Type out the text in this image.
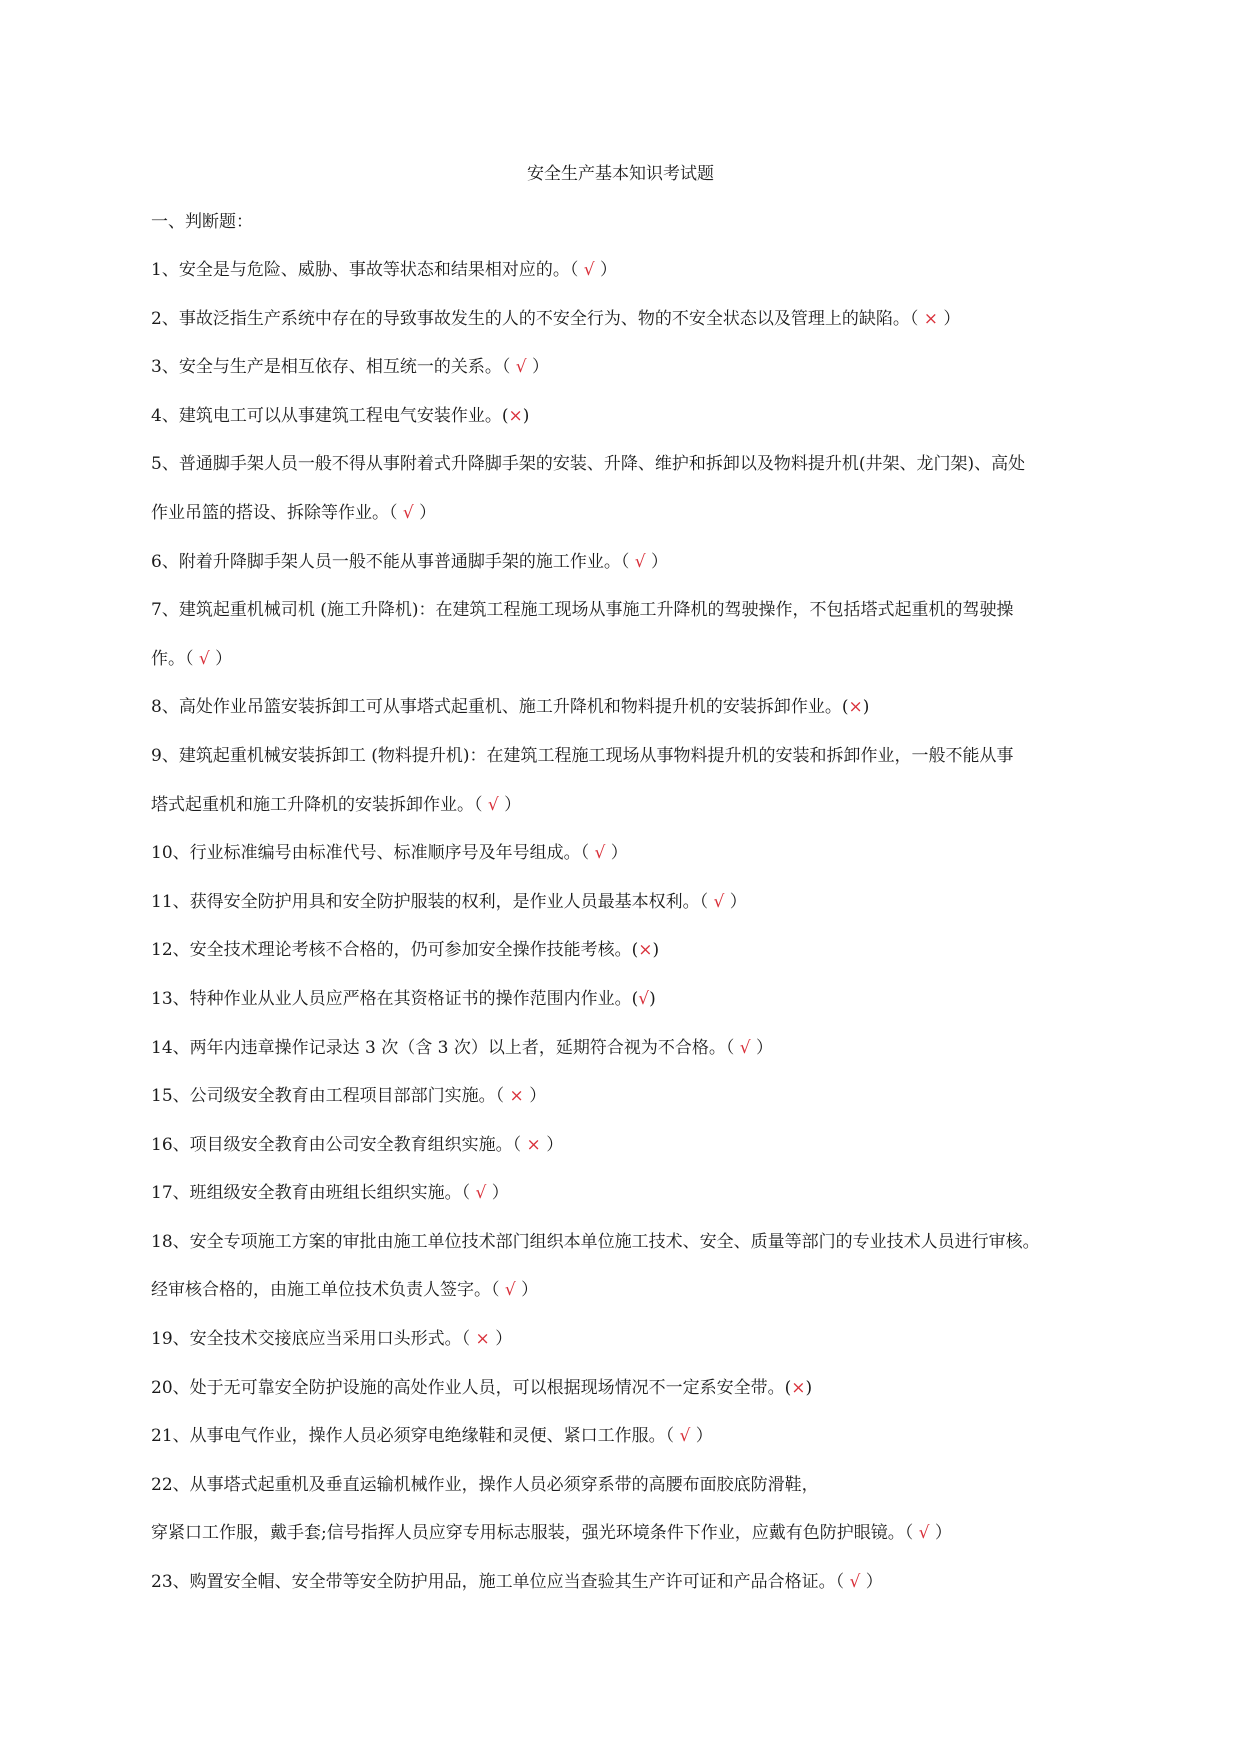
安全生产基本知识考试题
一、判断题：
1、安全是与危险、威胁、事故等状态和结果相对应的。（ √ ）
2、事故泛指生产系统中存在的导致事故发生的人的不安全行为、物的不安全状态以及管理上的缺陷。（ × ）
3、安全与生产是相互依存、相互统一的关系。（ √ ）
4、建筑电工可以从事建筑工程电气安装作业。(×)
5、普通脚手架人员一般不得从事附着式升降脚手架的安装、升降、维护和拆卸以及物料提升机(井架、龙门架)、高处
作业吊篮的搭设、拆除等作业。（ √ ）
6、附着升降脚手架人员一般不能从事普通脚手架的施工作业。（ √ ）
7、建筑起重机械司机 (施工升降机)：在建筑工程施工现场从事施工升降机的驾驶操作，不包括塔式起重机的驾驶操
作。（ √ ）
8、高处作业吊篮安装拆卸工可从事塔式起重机、施工升降机和物料提升机的安装拆卸作业。(×)
9、建筑起重机械安装拆卸工 (物料提升机)：在建筑工程施工现场从事物料提升机的安装和拆卸作业，一般不能从事
塔式起重机和施工升降机的安装拆卸作业。（ √ ）
10、行业标准编号由标准代号、标准顺序号及年号组成。（ √ ）
11、获得安全防护用具和安全防护服装的权利，是作业人员最基本权利。（ √ ）
12、安全技术理论考核不合格的，仍可参加安全操作技能考核。(×)
13、特种作业从业人员应严格在其资格证书的操作范围内作业。(√)
14、两年内违章操作记录达 3 次（含 3 次）以上者，延期符合视为不合格。（ √ ）
15、公司级安全教育由工程项目部部门实施。（ × ）
16、项目级安全教育由公司安全教育组织实施。（ × ）
17、班组级安全教育由班组长组织实施。（ √ ）
18、安全专项施工方案的审批由施工单位技术部门组织本单位施工技术、安全、质量等部门的专业技术人员进行审核。
经审核合格的，由施工单位技术负责人签字。（ √ ）
19、安全技术交接底应当采用口头形式。（ × ）
20、处于无可靠安全防护设施的高处作业人员，可以根据现场情况不一定系安全带。(×)
21、从事电气作业，操作人员必须穿电绝缘鞋和灵便、紧口工作服。（ √ ）
22、从事塔式起重机及垂直运输机械作业，操作人员必须穿系带的高腰布面胶底防滑鞋，
穿紧口工作服，戴手套;信号指挥人员应穿专用标志服装，强光环境条件下作业，应戴有色防护眼镜。（ √ ）
23、购置安全帽、安全带等安全防护用品，施工单位应当查验其生产许可证和产品合格证。（ √ ）
